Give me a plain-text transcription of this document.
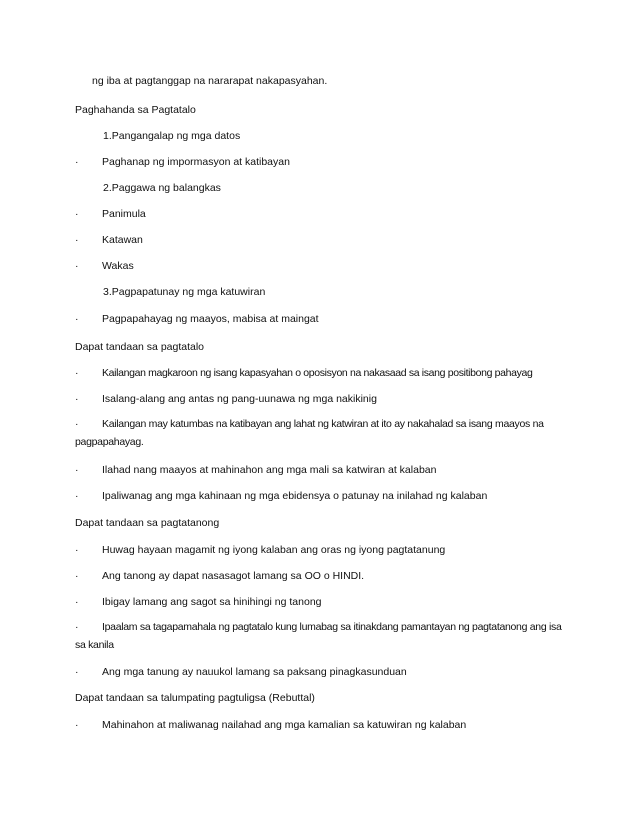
ng iba at pagtanggap na nararapat nakapasyahan.
Paghahanda sa Pagtatalo
1.Pangangalap ng mga datos
· Paghanap ng impormasyon at katibayan
2.Paggawa ng balangkas
· Panimula
· Katawan
· Wakas
3.Pagpapatunay ng mga katuwiran
· Pagpapahayag ng maayos, mabisa at maingat
Dapat tandaan sa pagtatalo
· Kailangan magkaroon ng isang kapasyahan o oposisyon na nakasaad sa isang positibong pahayag
· Isalang-alang ang antas ng pang-uunawa ng mga nakikinig
· Kailangan may katumbas na katibayan ang lahat ng katwiran at ito ay nakahalad sa isang maayos na pagpapahayag.
· Ilahad nang maayos at mahinahon ang mga mali sa katwiran at kalaban
· Ipaliwanag ang mga kahinaan ng mga ebidensya o patunay na inilahad ng kalaban
Dapat tandaan sa pagtatanong
· Huwag hayaan magamit ng iyong kalaban ang oras ng iyong pagtatanung
· Ang tanong ay dapat nasasagot lamang sa OO o HINDI.
· Ibigay lamang ang sagot sa hinihingi ng tanong
· Ipaalam sa tagapamahala ng pagtatalo kung lumabag sa itinakdang pamantayan ng pagtatanong ang isa sa kanila
· Ang mga tanung ay nauukol lamang sa paksang pinagkasunduan
Dapat tandaan sa talumpating pagtuligsa (Rebuttal)
· Mahinahon at maliwanag nailahad ang mga kamalian sa katuwiran ng kalaban
